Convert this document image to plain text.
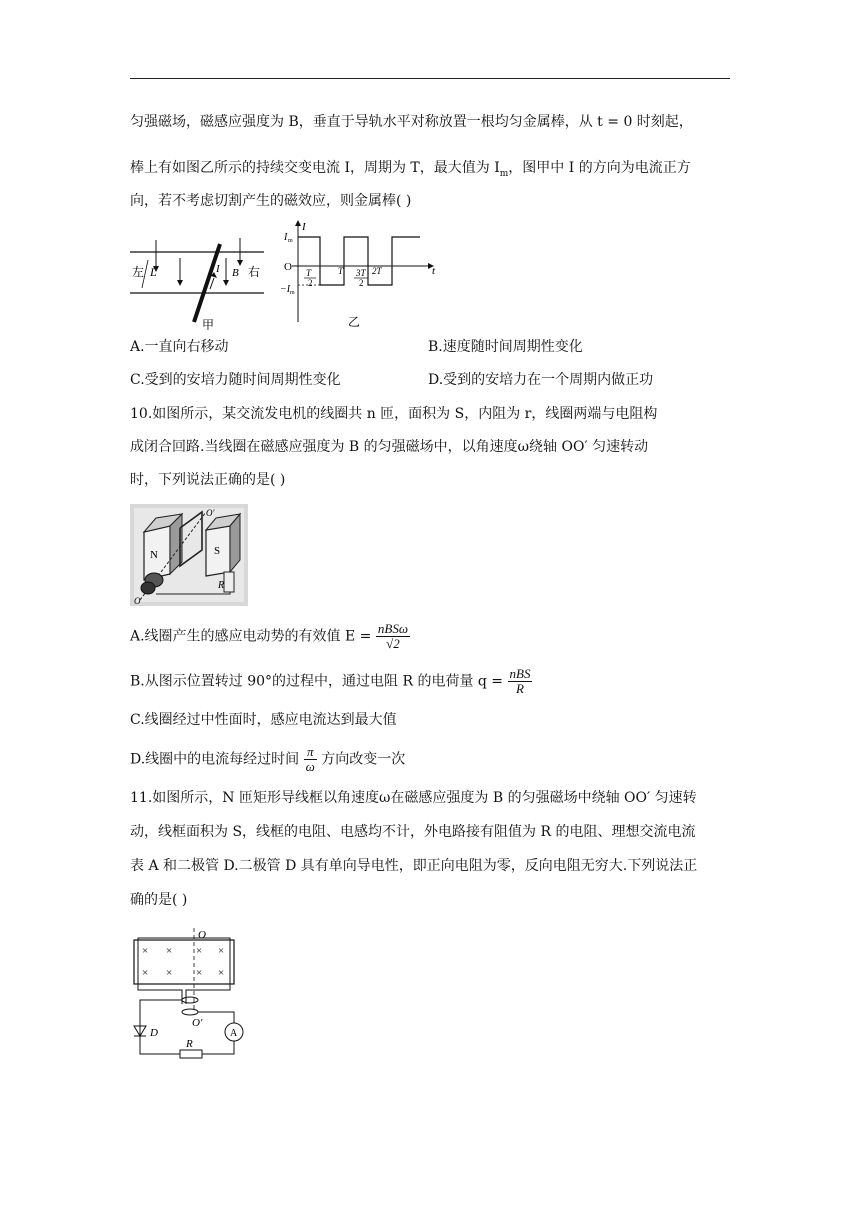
匀强磁场，磁感应强度为 B，垂直于导轨水平对称放置一根均匀金属棒，从 t = 0 时刻起，
棒上有如图乙所示的持续交变电流 I，周期为 T，最大值为 $I_m$，图甲中 I 的方向为电流正方
向，若不考虑切割产生的磁效应，则金属棒( )
左	右
L	I B
甲
I
I m
O
−I m
t
T
2
T 3T
2
2T
乙
A.一直向右移动	B.速度随时间周期性变化
C.受到的安培力随时间周期性变化	D.受到的安培力在一个周期内做正功
10.如图所示，某交流发电机的线圈共 n 匝，面积为 S，内阻为 r，线圈两端与电阻构
成闭合回路.当线圈在磁感应强度为 B 的匀强磁场中，以角速度ω绕轴 OO′ 匀速转动
时，下列说法正确的是( )
N	S
O′
O
R
A.线圈产生的感应电动势的有效值 $E = \frac{\text{nBSω}}{√2}$
B.从图示位置转过 90°的过程中，通过电阻 R 的电荷量 $q = \frac{\text{nBS}}{R}$
C.线圈经过中性面时，感应电流达到最大值
D.线圈中的电流每经过时间 $\frac{\pi}{\omega}$ 方向改变一次
11.如图所示，N 匝矩形导线框以角速度ω在磁感应强度为 B 的匀强磁场中绕轴 OO′ 匀速转
动，线框面积为 S，线框的电阻、电感均不计，外电路接有阻值为 R 的电阻、理想交流电流
表 A 和二极管 D.二极管 D 具有单向导电性，即正向电阻为零，反向电阻无穷大.下列说法正
确的是( )
× × × ×
× × × ×
O
O′
D	A
R
